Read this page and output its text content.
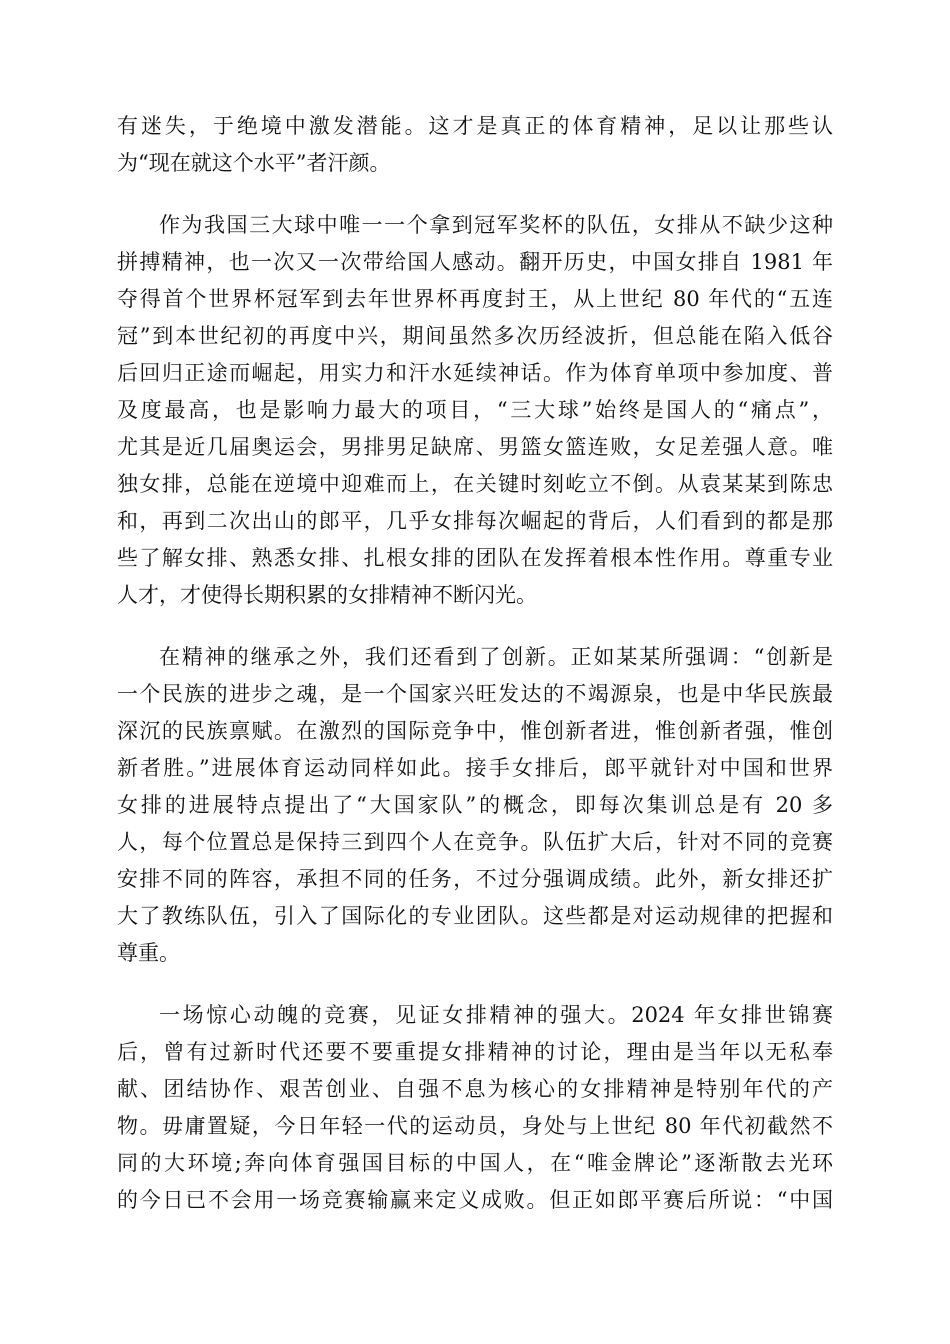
有迷失，于绝境中激发潜能。这才是真正的体育精神，足以让那些认
为“现在就这个水平”者汗颜。
作为我国三大球中唯一一个拿到冠军奖杯的队伍，女排从不缺少这种
拼搏精神，也一次又一次带给国人感动。翻开历史，中国女排自 1981 年
夺得首个世界杯冠军到去年世界杯再度封王，从上世纪 80 年代的“五连
冠”到本世纪初的再度中兴，期间虽然多次历经波折，但总能在陷入低谷
后回归正途而崛起，用实力和汗水延续神话。作为体育单项中参加度、普
及度最高，也是影响力最大的项目，“三大球”始终是国人的“痛点”，
尤其是近几届奥运会，男排男足缺席、男篮女篮连败，女足差强人意。唯
独女排，总能在逆境中迎难而上，在关键时刻屹立不倒。从袁某某到陈忠
和，再到二次出山的郎平，几乎女排每次崛起的背后，人们看到的都是那
些了解女排、熟悉女排、扎根女排的团队在发挥着根本性作用。尊重专业
人才，才使得长期积累的女排精神不断闪光。
在精神的继承之外，我们还看到了创新。正如某某所强调：“创新是
一个民族的进步之魂，是一个国家兴旺发达的不竭源泉，也是中华民族最
深沉的民族禀赋。在激烈的国际竞争中，惟创新者进，惟创新者强，惟创
新者胜。”进展体育运动同样如此。接手女排后，郎平就针对中国和世界
女排的进展特点提出了“大国家队”的概念，即每次集训总是有 20 多
人，每个位置总是保持三到四个人在竞争。队伍扩大后，针对不同的竞赛
安排不同的阵容，承担不同的任务，不过分强调成绩。此外，新女排还扩
大了教练队伍，引入了国际化的专业团队。这些都是对运动规律的把握和
尊重。
一场惊心动魄的竞赛，见证女排精神的强大。2024 年女排世锦赛
后，曾有过新时代还要不要重提女排精神的讨论，理由是当年以无私奉
献、团结协作、艰苦创业、自强不息为核心的女排精神是特别年代的产
物。毋庸置疑，今日年轻一代的运动员，身处与上世纪 80 年代初截然不
同的大环境;奔向体育强国目标的中国人，在“唯金牌论”逐渐散去光环
的今日已不会用一场竞赛输赢来定义成败。但正如郎平赛后所说：“中国
